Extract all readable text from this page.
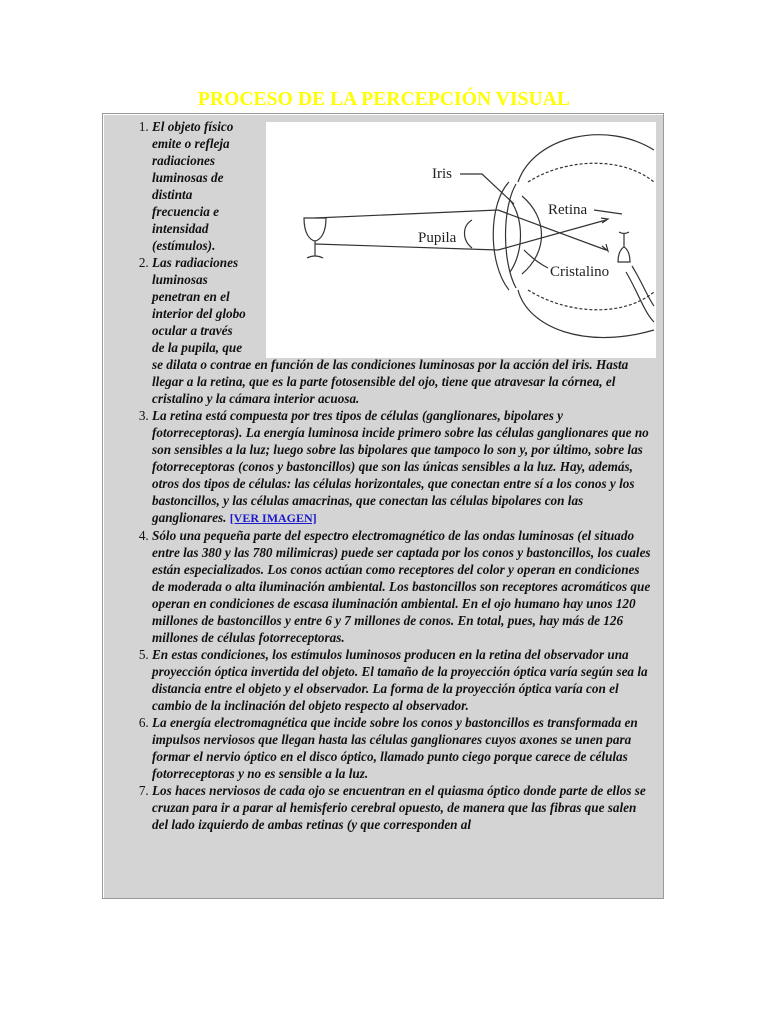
PROCESO DE LA PERCEPCIÓN VISUAL
Iris
Retina
Pupila
Cristalino
1. El objeto físico emite o refleja radiaciones luminosas de distinta frecuencia e intensidad (estímulos).
2. Las radiaciones luminosas penetran en el interior del globo ocular a través de la pupila, que se dilata o contrae en función de las condiciones luminosas por la acción del iris. Hasta llegar a la retina, que es la parte fotosensible del ojo, tiene que atravesar la córnea, el cristalino y la cámara interior acuosa.
3. La retina está compuesta por tres tipos de células (ganglionares, bipolares y fotorreceptoras). La energía luminosa incide primero sobre las células ganglionares que no son sensibles a la luz; luego sobre las bipolares que tampoco lo son y, por último, sobre las fotorreceptoras (conos y bastoncillos) que son las únicas sensibles a la luz. Hay, además, otros dos tipos de células: las células horizontales, que conectan entre sí a los conos y los bastoncillos, y las células amacrinas, que conectan las células bipolares con las ganglionares. [VER IMAGEN]
4. Sólo una pequeña parte del espectro electromagnético de las ondas luminosas (el situado entre las 380 y las 780 milimicras) puede ser captada por los conos y bastoncillos, los cuales están especializados. Los conos actúan como receptores del color y operan en condiciones de moderada o alta iluminación ambiental. Los bastoncillos son receptores acromáticos que operan en condiciones de escasa iluminación ambiental. En el ojo humano hay unos 120 millones de bastoncillos y entre 6 y 7 millones de conos. En total, pues, hay más de 126 millones de células fotorreceptoras.
5. En estas condiciones, los estímulos luminosos producen en la retina del observador una proyección óptica invertida del objeto. El tamaño de la proyección óptica varía según sea la distancia entre el objeto y el observador. La forma de la proyección óptica varía con el cambio de la inclinación del objeto respecto al observador.
6. La energía electromagnética que incide sobre los conos y bastoncillos es transformada en impulsos nerviosos que llegan hasta las células ganglionares cuyos axones se unen para formar el nervio óptico en el disco óptico, llamado punto ciego porque carece de células fotorreceptoras y no es sensible a la luz.
7. Los haces nerviosos de cada ojo se encuentran en el quiasma óptico donde parte de ellos se cruzan para ir a parar al hemisferio cerebral opuesto, de manera que las fibras que salen del lado izquierdo de ambas retinas (y que corresponden al
